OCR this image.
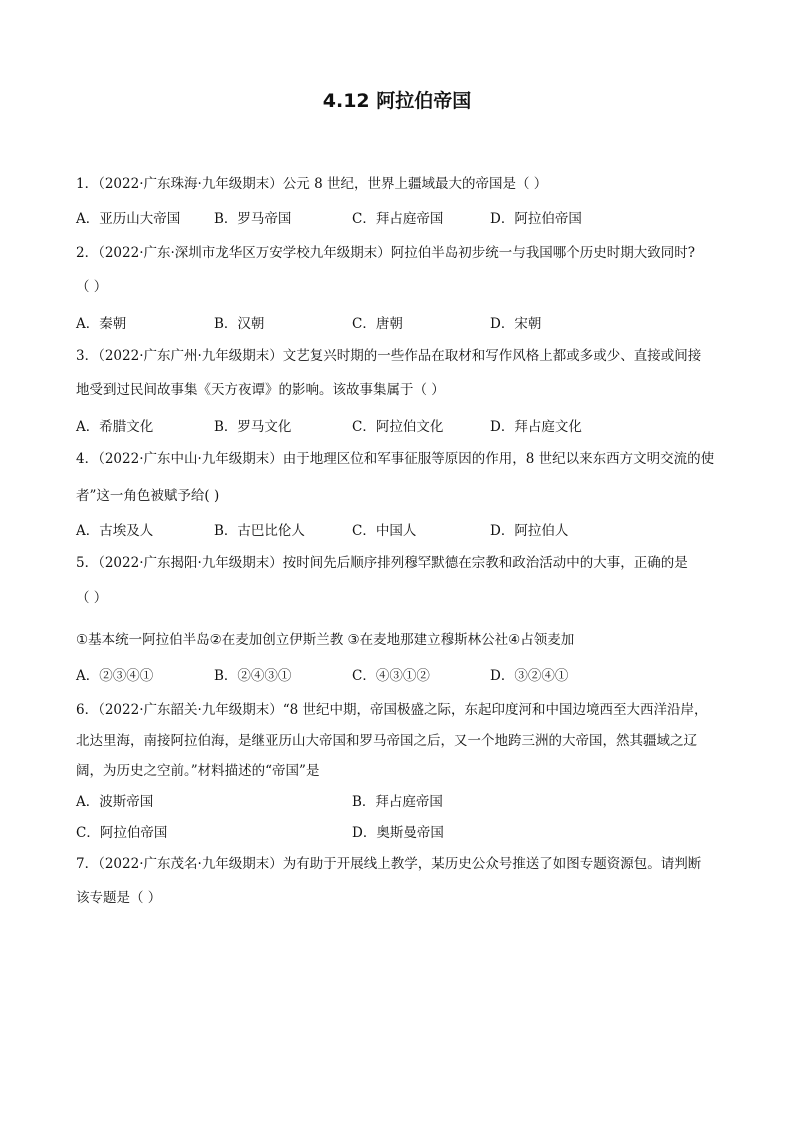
4.12 阿拉伯帝国
1．（2022·广东珠海·九年级期末）公元 8 世纪，世界上疆域最大的帝国是（ ）
A．亚历山大帝国	B．罗马帝国	C．拜占庭帝国	D．阿拉伯帝国
2．（2022·广东·深圳市龙华区万安学校九年级期末）阿拉伯半岛初步统一与我国哪个历史时期大致同时?
（ ）
A．秦朝	B．汉朝	C．唐朝	D．宋朝
3．（2022·广东广州·九年级期末）文艺复兴时期的一些作品在取材和写作风格上都或多或少、直接或间接
地受到过民间故事集《天方夜谭》的影响。该故事集属于（ ）
A．希腊文化	B．罗马文化	C．阿拉伯文化	D．拜占庭文化
4．（2022·广东中山·九年级期末）由于地理区位和军事征服等原因的作用，8 世纪以来东西方文明交流的使
者”这一角色被赋予给( )
A．古埃及人	B．古巴比伦人	C．中国人	D．阿拉伯人
5．（2022·广东揭阳·九年级期末）按时间先后顺序排列穆罕默德在宗教和政治活动中的大事，正确的是
（ ）
①基本统一阿拉伯半岛②在麦加创立伊斯兰教 ③在麦地那建立穆斯林公社④占领麦加
A．②③④①	B．②④③①	C．④③①②	D．③②④①
6．（2022·广东韶关·九年级期末）“8 世纪中期，帝国极盛之际，东起印度河和中国边境西至大西洋沿岸，
北达里海，南接阿拉伯海，是继亚历山大帝国和罗马帝国之后，又一个地跨三洲的大帝国，然其疆域之辽
阔，为历史之空前。”材料描述的“帝国”是
A．波斯帝国	B．拜占庭帝国
C．阿拉伯帝国	D．奥斯曼帝国
7．（2022·广东茂名·九年级期末）为有助于开展线上教学，某历史公众号推送了如图专题资源包。请判断
该专题是（ ）
